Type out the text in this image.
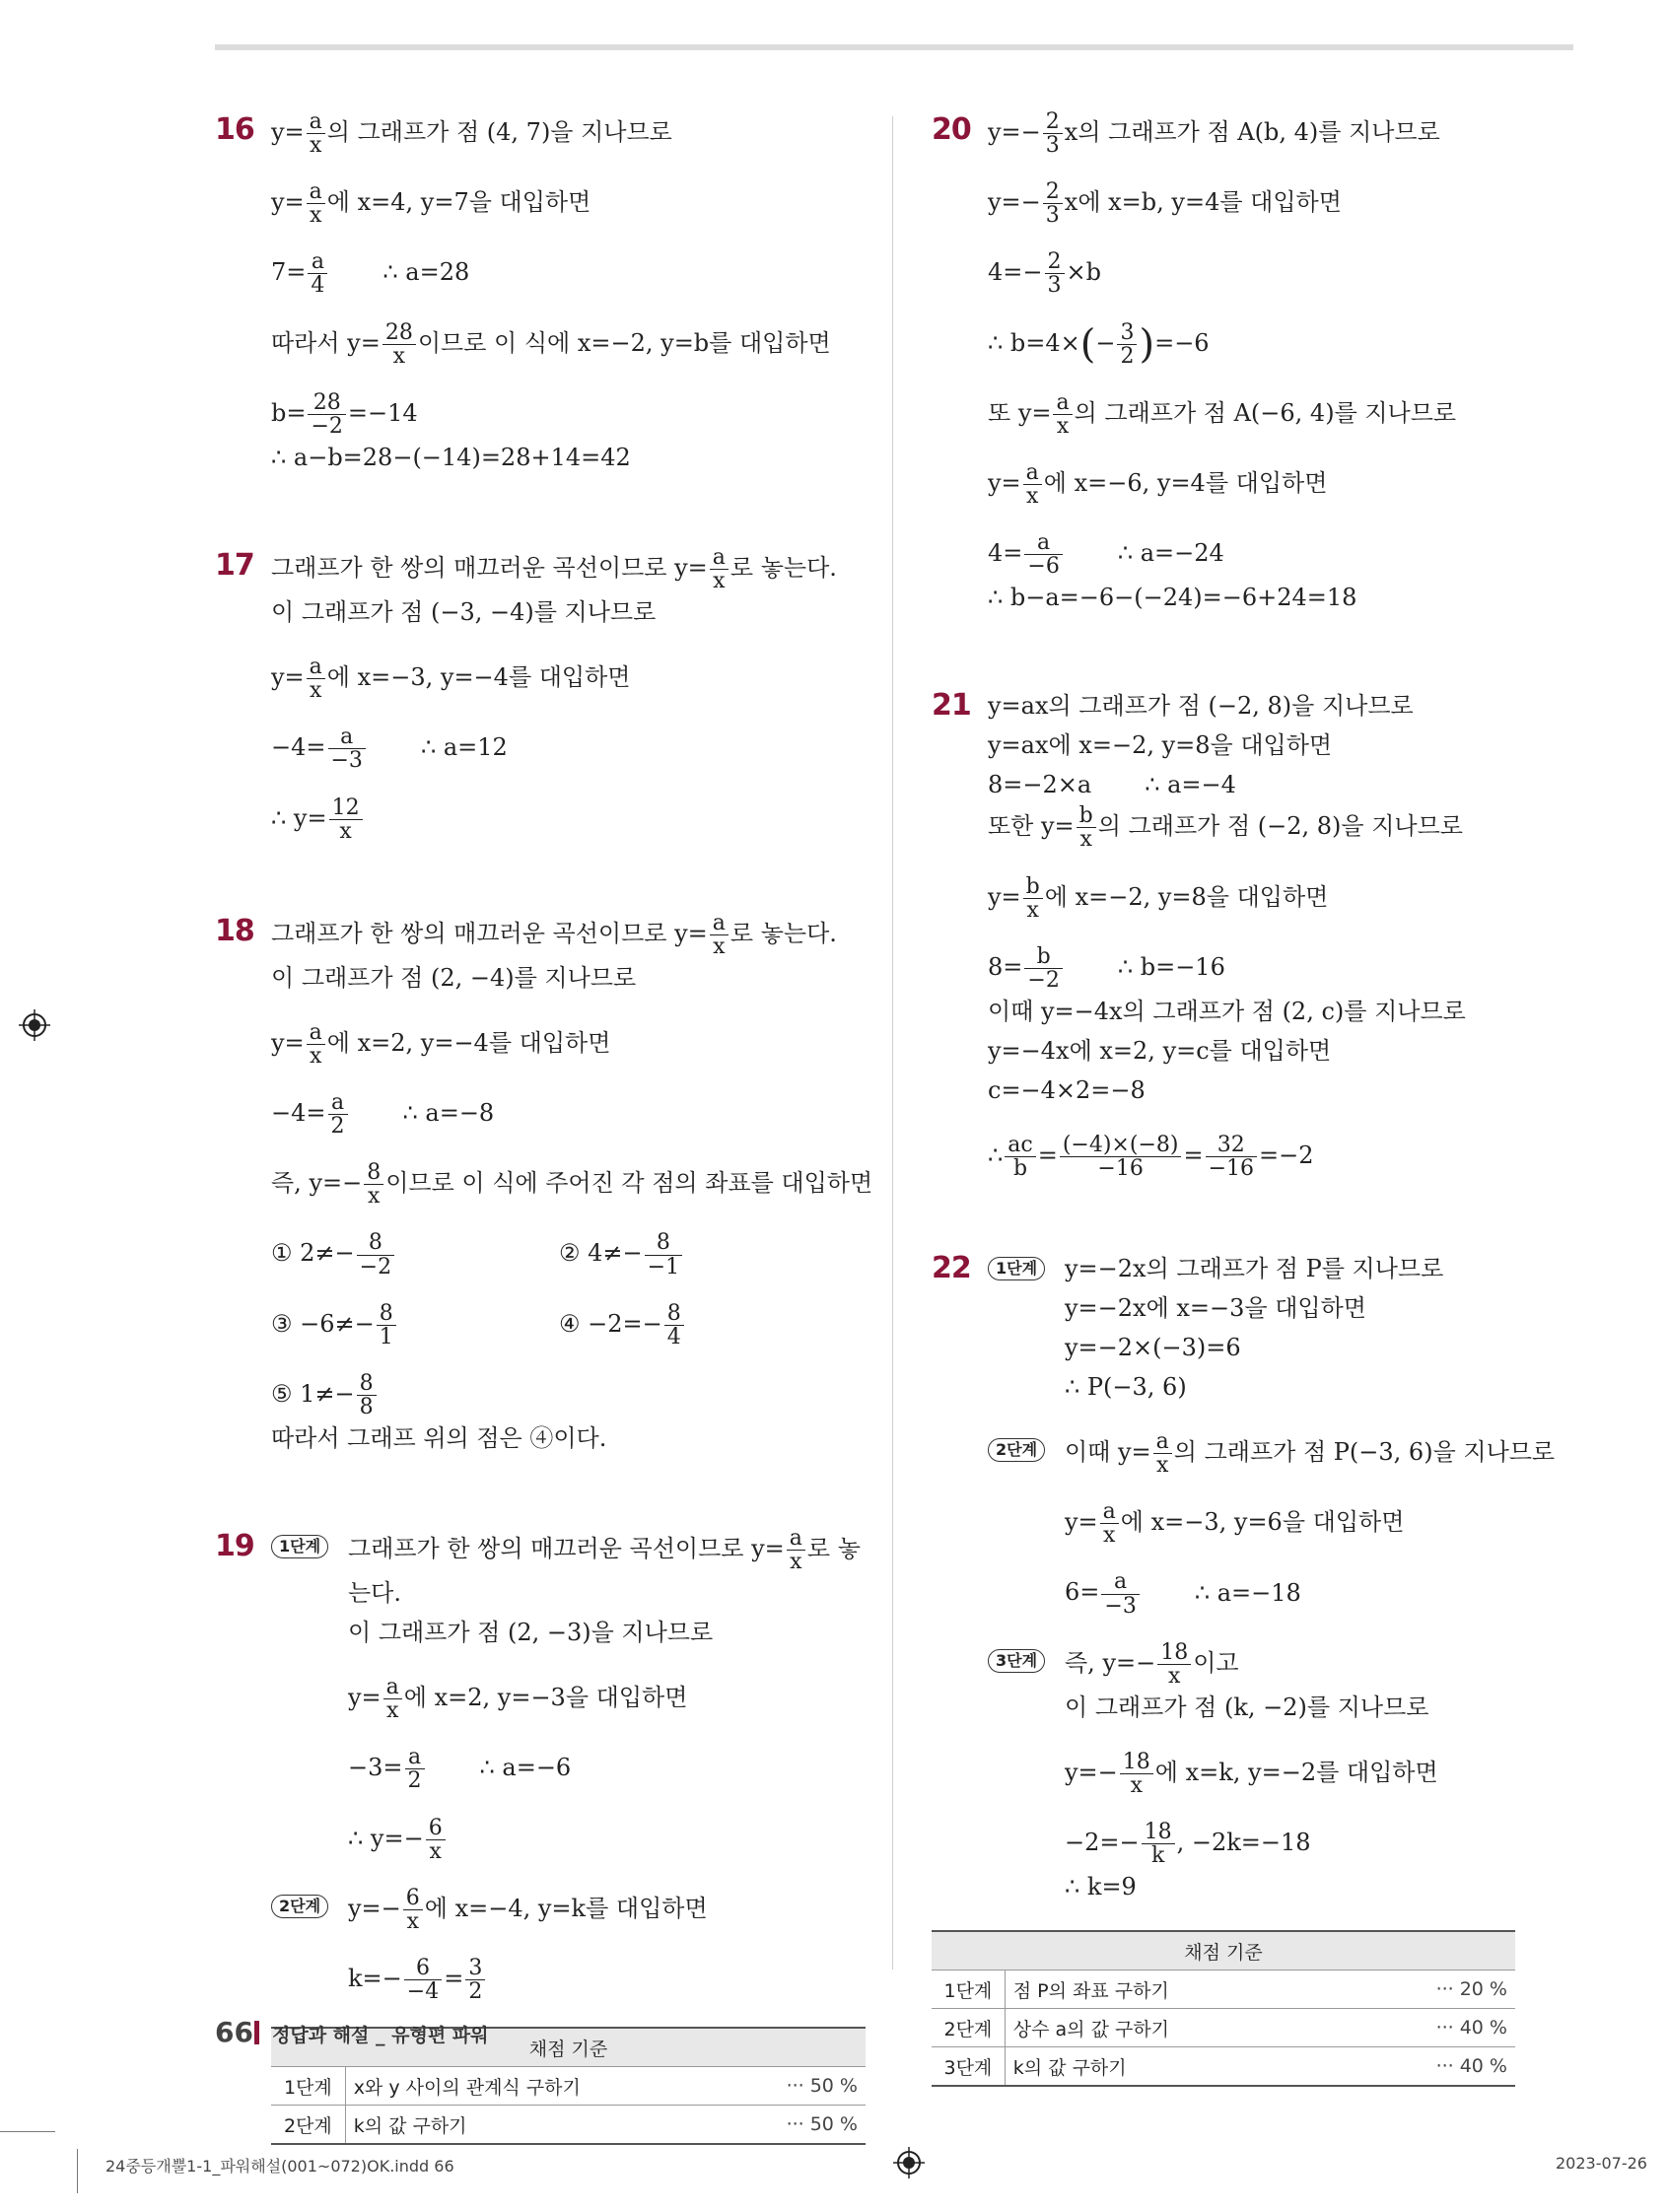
16 $y= \frac{a}{x}$ 의 그래프가 점 (4, 7)을 지나므로
$y= \frac{a}{x}$ 에 x=4, y=7을 대입하면
$7= \frac{a}{4}$ ∴ a=28
따라서 $y= \frac{28}{x}$ 이므로 이 식에 x=−2, y=b를 대입하면
$b= \frac{28}{-2} =-14$
∴ a−b=28−(−14)=28+14=42
17 그래프가 한 쌍의 매끄러운 곡선이므로 $y= \frac{a}{x}$ 로 놓는다.
이 그래프가 점 (−3, −4)를 지나므로
$y= \frac{a}{x}$ 에 x=−3, y=−4를 대입하면
$-4= \frac{a}{-3}$ ∴ a=12
∴ $y= \frac{12}{x}$
18 그래프가 한 쌍의 매끄러운 곡선이므로 $y= \frac{a}{x}$ 로 놓는다.
이 그래프가 점 (2, −4)를 지나므로
$y= \frac{a}{x}$ 에 x=2, y=−4를 대입하면
$-4= \frac{a}{2}$ ∴ a=−8
즉, $y=- \frac{8}{x}$ 이므로 이 식에 주어진 각 점의 좌표를 대입하면
① $2\ne- \frac{8}{-2}$	② $4\ne- \frac{8}{-1}$
③ $-6\ne- \frac{8}{1}$	④ $-2=- \frac{8}{4}$
⑤ $1\ne- \frac{8}{8}$
따라서 그래프 위의 점은 ④이다.
19	1단계	그래프가 한 쌍의 매끄러운 곡선이므로 $y= \frac{a}{x}$ 로 놓
는다.
이 그래프가 점 (2, −3)을 지나므로
$y= \frac{a}{x}$ 에 x=2, y=−3을 대입하면
$-3= \frac{a}{2}$ ∴ a=−6
∴ $y=- \frac{6}{x}$
2단계	$y=- \frac{6}{x}$ 에 x=−4, y=k를 대입하면
$k=- \frac{6}{-4} = \frac{3}{2}$
채점 기준		
1단계	x와 y 사이의 관계식 구하기	··· 50 %
2단계	k의 값 구하기	··· 50 %
20 $y=- \frac{2}{3}$ x의 그래프가 점 A(b, 4)를 지나므로
$y=- \frac{2}{3}$ x에 x=b, y=4를 대입하면
$4=- \frac{2}{3} \times b$
∴ $b=4\times(- \frac{3}{2} )=-6$
또 $y= \frac{a}{x}$ 의 그래프가 점 A(−6, 4)를 지나므로
$y= \frac{a}{x}$ 에 x=−6, y=4를 대입하면
$4= \frac{a}{-6}$ ∴ a=−24
∴ b−a=−6−(−24)=−6+24=18
21 y=ax의 그래프가 점 (−2, 8)을 지나므로
y=ax에 x=−2, y=8을 대입하면
8=−2×a ∴ a=−4
또한 $y= \frac{b}{x}$ 의 그래프가 점 (−2, 8)을 지나므로
$y= \frac{b}{x}$ 에 x=−2, y=8을 대입하면
$8= \frac{b}{-2}$ ∴ b=−16
이때 y=−4x의 그래프가 점 (2, c)를 지나므로
y=−4x에 x=2, y=c를 대입하면
c=−4×2=−8
∴ $\frac{ac}{b} = \frac{(-4)\times(-8)}{-16} = \frac{32}{-16} =-2$
22	1단계	y=−2x의 그래프가 점 P를 지나므로
y=−2x에 x=−3을 대입하면
y=−2×(−3)=6
∴ P(−3, 6)
2단계	이때 $y= \frac{a}{x}$ 의 그래프가 점 P(−3, 6)을 지나므로
$y= \frac{a}{x}$ 에 x=−3, y=6을 대입하면
$6= \frac{a}{-3}$ ∴ a=−18
3단계	즉, $y=- \frac{18}{x}$ 이고
이 그래프가 점 (k, −2)를 지나므로
$y=- \frac{18}{x}$ 에 x=k, y=−2를 대입하면
$-2=- \frac{18}{k}$ , −2k=−18
∴ k=9
채점 기준		
1단계	점 P의 좌표 구하기	··· 20 %
2단계	상수 a의 값 구하기	··· 40 %
3단계	k의 값 구하기	··· 40 %
66 정답과 해설 _ 유형편 파워
24중등개뿔1-1_파워해설(001~072)OK.indd 66	2023-07-26
